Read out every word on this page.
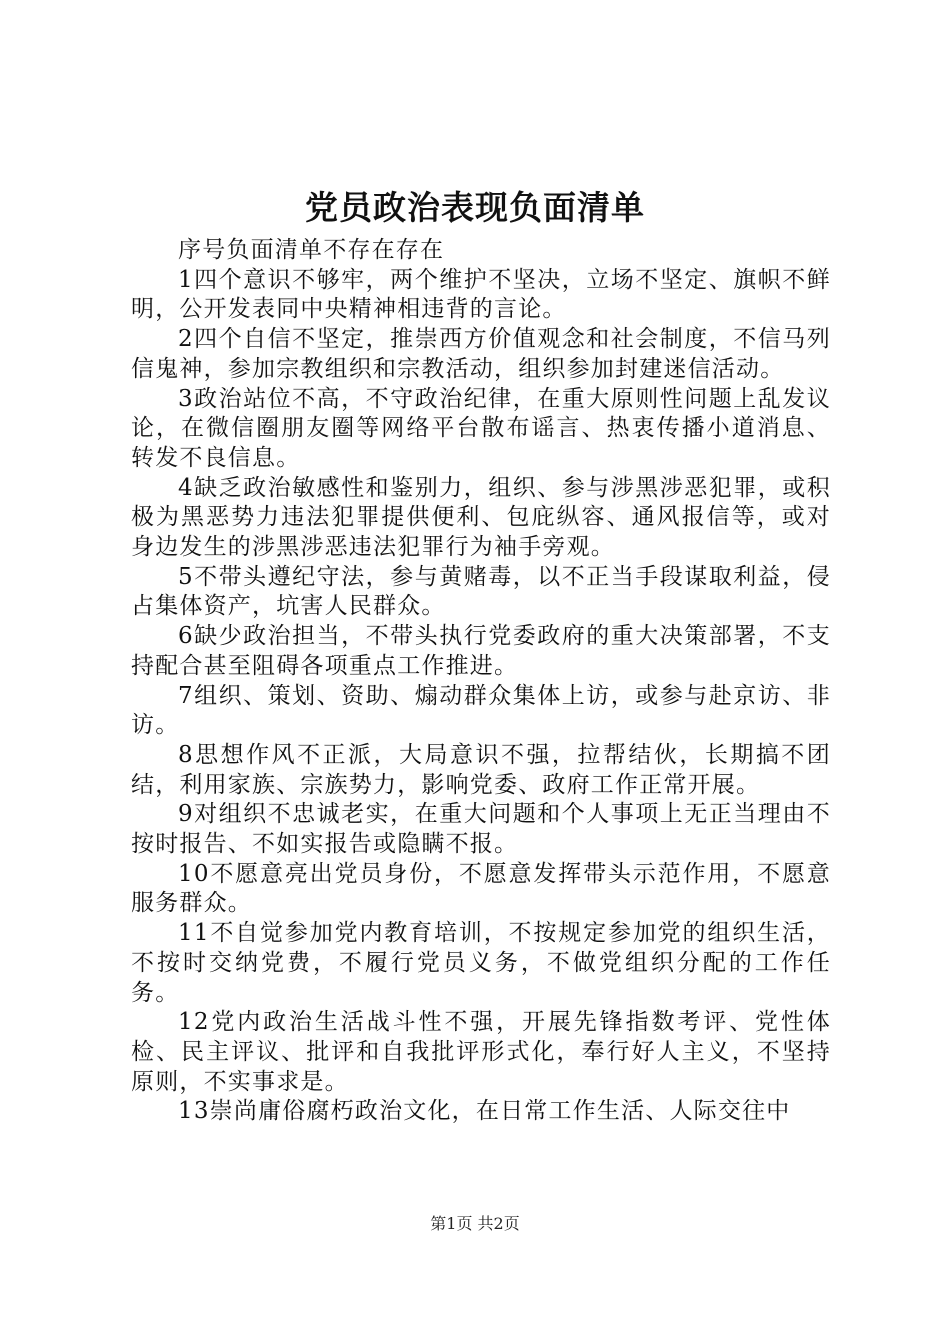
党员政治表现负面清单

序号负面清单不存在存在

1四个意识不够牢，两个维护不坚决，立场不坚定、旗帜不鲜明，公开发表同中央精神相违背的言论。

2四个自信不坚定，推崇西方价值观念和社会制度，不信马列信鬼神，参加宗教组织和宗教活动，组织参加封建迷信活动。

3政治站位不高，不守政治纪律，在重大原则性问题上乱发议论，在微信圈朋友圈等网络平台散布谣言、热衷传播小道消息、转发不良信息。

4缺乏政治敏感性和鉴别力，组织、参与涉黑涉恶犯罪，或积极为黑恶势力违法犯罪提供便利、包庇纵容、通风报信等，或对身边发生的涉黑涉恶违法犯罪行为袖手旁观。

5不带头遵纪守法，参与黄赌毒，以不正当手段谋取利益，侵占集体资产，坑害人民群众。

6缺少政治担当，不带头执行党委政府的重大决策部署，不支持配合甚至阻碍各项重点工作推进。

7组织、策划、资助、煽动群众集体上访，或参与赴京访、非访。

8思想作风不正派，大局意识不强，拉帮结伙，长期搞不团结，利用家族、宗族势力，影响党委、政府工作正常开展。

9对组织不忠诚老实，在重大问题和个人事项上无正当理由不按时报告、不如实报告或隐瞒不报。

10不愿意亮出党员身份，不愿意发挥带头示范作用，不愿意服务群众。

11不自觉参加党内教育培训，不按规定参加党的组织生活，不按时交纳党费，不履行党员义务，不做党组织分配的工作任务。

12党内政治生活战斗性不强，开展先锋指数考评、党性体检、民主评议、批评和自我批评形式化，奉行好人主义，不坚持原则，不实事求是。

13崇尚庸俗腐朽政治文化，在日常工作生活、人际交往中

第1页 共2页
